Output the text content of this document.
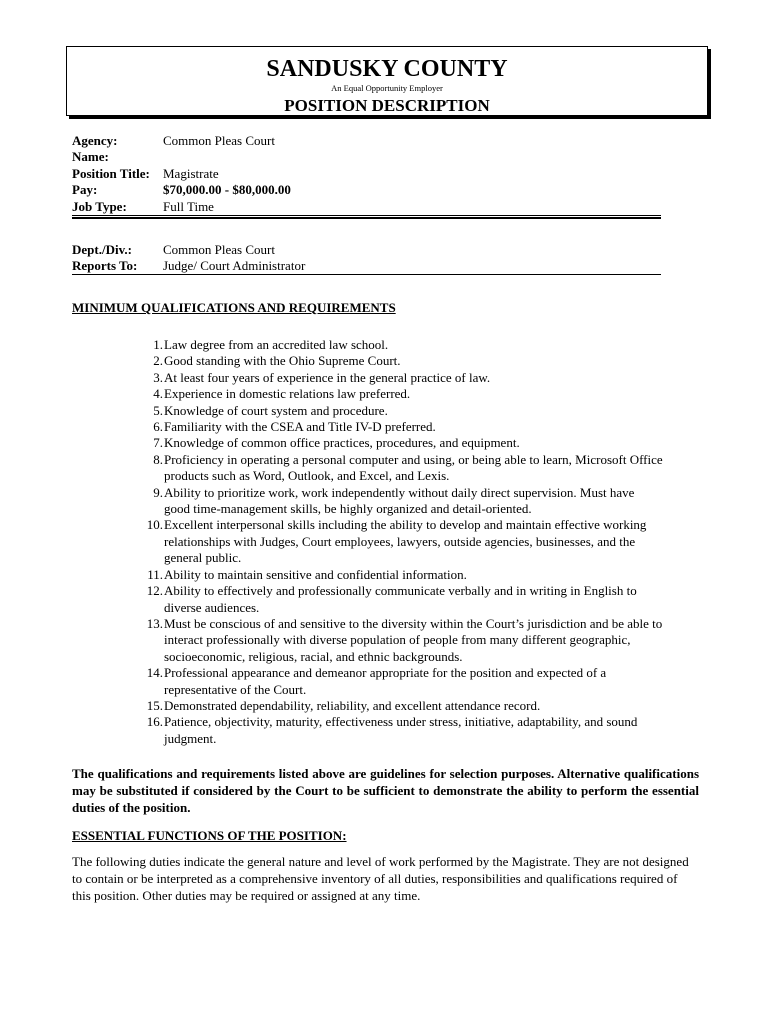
SANDUSKY COUNTY
An Equal Opportunity Employer
POSITION DESCRIPTION
Agency:	Common Pleas Court
Name:
Position Title:	Magistrate
Pay:	$70,000.00 - $80,000.00
Job Type:	Full Time
Dept./Div.:	Common Pleas Court
Reports To:	Judge/ Court Administrator
MINIMUM QUALIFICATIONS AND REQUIREMENTS
1. Law degree from an accredited law school.
2. Good standing with the Ohio Supreme Court.
3. At least four years of experience in the general practice of law.
4. Experience in domestic relations law preferred.
5. Knowledge of court system and procedure.
6. Familiarity with the CSEA and Title IV-D preferred.
7. Knowledge of common office practices, procedures, and equipment.
8. Proficiency in operating a personal computer and using, or being able to learn, Microsoft Office
products such as Word, Outlook, and Excel, and Lexis.
9. Ability to prioritize work, work independently without daily direct supervision. Must have
good time-management skills, be highly organized and detail-oriented.
10. Excellent interpersonal skills including the ability to develop and maintain effective working
relationships with Judges, Court employees, lawyers, outside agencies, businesses, and the
general public.
11. Ability to maintain sensitive and confidential information.
12. Ability to effectively and professionally communicate verbally and in writing in English to
diverse audiences.
13. Must be conscious of and sensitive to the diversity within the Court’s jurisdiction and be able to
interact professionally with diverse population of people from many different geographic,
socioeconomic, religious, racial, and ethnic backgrounds.
14. Professional appearance and demeanor appropriate for the position and expected of a
representative of the Court.
15. Demonstrated dependability, reliability, and excellent attendance record.
16. Patience, objectivity, maturity, effectiveness under stress, initiative, adaptability, and sound
judgment.
The qualifications and requirements listed above are guidelines for selection purposes. Alternative qualifications may be substituted if considered by the Court to be sufficient to demonstrate the ability to perform the essential duties of the position.
ESSENTIAL FUNCTIONS OF THE POSITION:
The following duties indicate the general nature and level of work performed by the Magistrate. They are not designed to contain or be interpreted as a comprehensive inventory of all duties, responsibilities and qualifications required of this position. Other duties may be required or assigned at any time.
